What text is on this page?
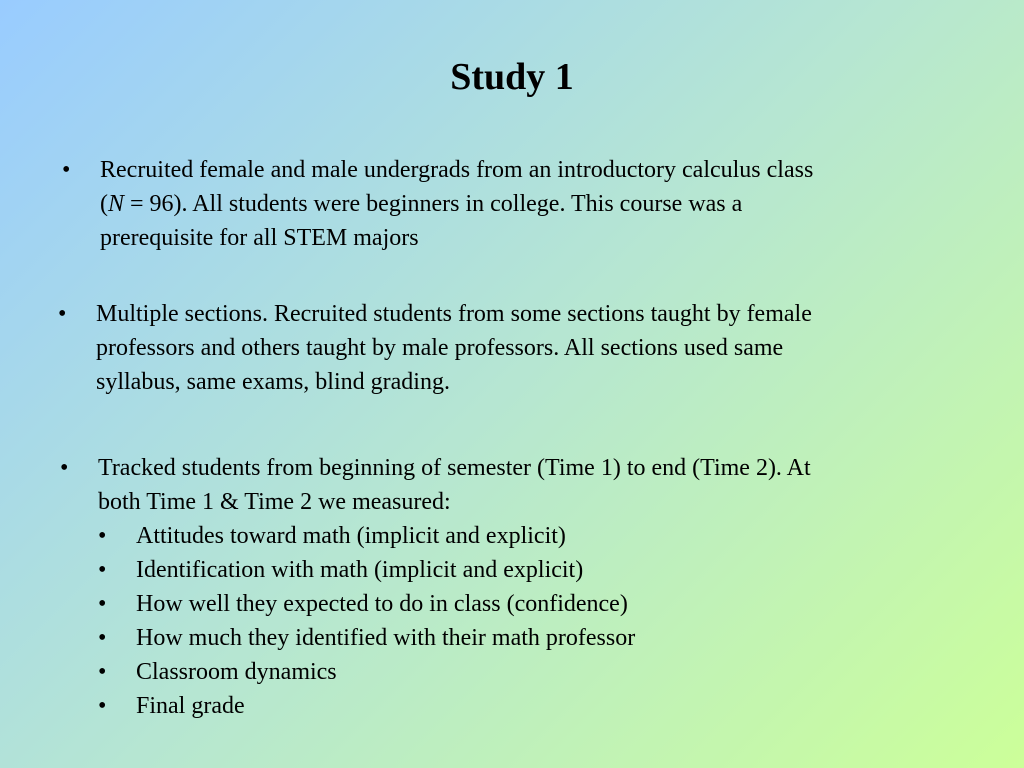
Study 1
• Recruited female and male undergrads from an introductory calculus class
(N = 96). All students were beginners in college. This course was a
prerequisite for all STEM majors
• Multiple sections. Recruited students from some sections taught by female
professors and others taught by male professors. All sections used same
syllabus, same exams, blind grading.
• Tracked students from beginning of semester (Time 1) to end (Time 2). At
both Time 1 & Time 2 we measured:
• Attitudes toward math (implicit and explicit)
• Identification with math (implicit and explicit)
• How well they expected to do in class (confidence)
• How much they identified with their math professor
• Classroom dynamics
• Final grade
